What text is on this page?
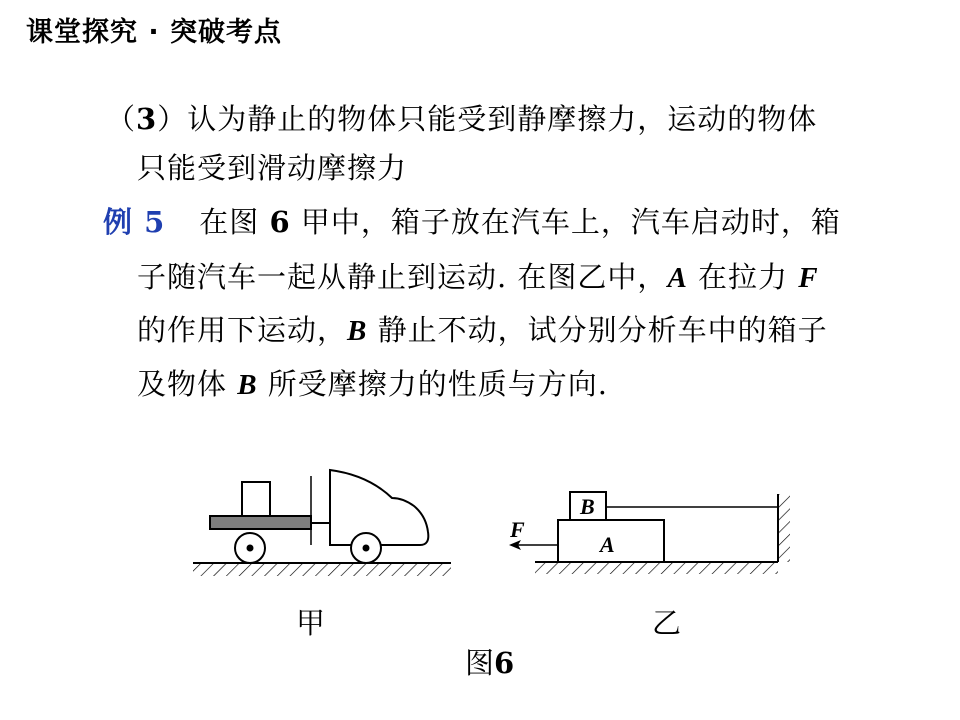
课堂探究 · 突破考点
（3）认为静止的物体只能受到静摩擦力，运动的物体
只能受到滑动摩擦力
例 5 在图 6 甲中，箱子放在汽车上，汽车启动时，箱
子随汽车一起从静止到运动. 在图乙中，A 在拉力 F
的作用下运动，B 静止不动，试分别分析车中的箱子
及物体 B 所受摩擦力的性质与方向.
A
B
F
甲	乙
图6
